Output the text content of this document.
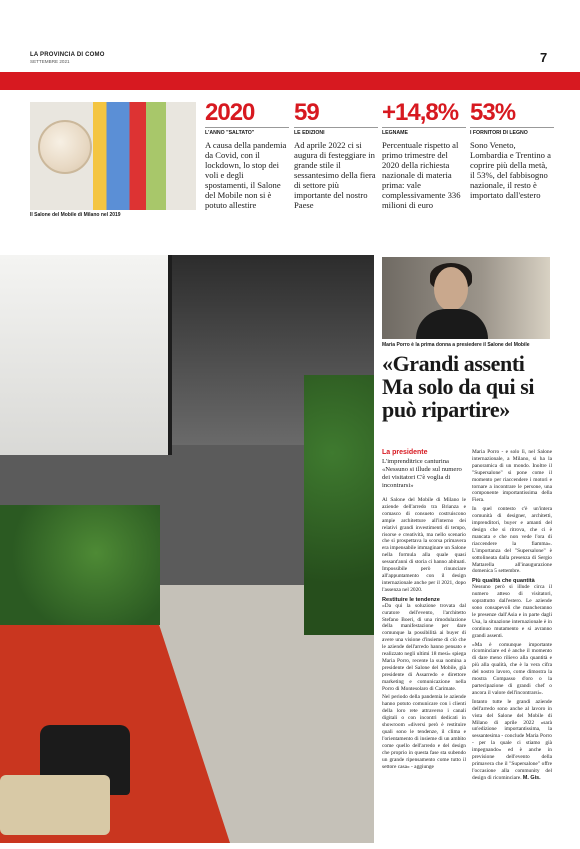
LA PROVINCIA DI COMO
SETTEMBRE 2021	7
Il Salone del Mobile di Milano nel 2019
2020
L'ANNO "SALTATO"
A causa della pandemia da Covid, con il lockdown, lo stop dei voli e degli spostamenti, il Salone del Mobile non si è potuto allestire
59
LE EDIZIONI
Ad aprile 2022 ci si augura di festeggiare in grande stile il sessantesimo della fiera di settore più importante del nostro Paese
+14,8%
LEGNAME
Percentuale rispetto al primo trimestre del 2020 della richiesta nazionale di materia prima: vale complessivamente 336 milioni di euro
53%
I FORNITORI DI LEGNO
Sono Veneto, Lombardia e Trentino a coprire più della metà, il 53%, del fabbisogno nazionale, il resto è importato dall'estero
Maria Porro è la prima donna a presiedere il Salone del Mobile
«Grandi assenti Ma solo da qui si può ripartire»
La presidente
L'imprenditrice canturina «Nessuno si illude sul numero dei visitatori C'è voglia di incontrarsi»

Al Salone del Mobile di Milano le aziende dell'arredo tra Brianza e comasco di consueto costruiscono ampie architetture all'interno dei relativi grandi investimenti di tempo, risorse e creatività, ma nello scenario che si prospettava la scorsa primavera era impensabile immaginare un Salone nella formula alla quale quasi sessant'anni di storia ci hanno abituati. Impossibile però rinunciare all'appuntamento con il design internazionale anche per il 2021, dopo l'assenza nel 2020.

Restituire le tendenze

«Da qui la soluzione trovata dal curatore dell'evento, l'architetto Stefano Boeri, di una rimodulazione della manifestazione per dare comunque la possibilità ai buyer di avere una visione d'insieme di ciò che le aziende dell'arredo hanno pensato e realizzato negli ultimi 18 mesi» spiega Maria Porro, recente la sua nomina a presidente del Salone del Mobile, già presidente di Assarredo e direttore marketing e comunicazione nella Porro di Montesolaro di Carimate.

Nel periodo della pandemia le aziende hanno potuto comunicare con i clienti della loro rete attraverso i canali digitali o con incontri dedicati in showroom «diversi però è restituire quali sono le tendenze, il clima e l'orientamento di insieme di un ambito come quello dell'arredo e del design che proprio in questa fase sta subendo un grande ripensamento come tutto il settore casa» - aggiunge

Maria Porro - e solo lì, nel Salone internazionale, a Milano, si ha la panoramica di un mondo. Inoltre il "Supersalone" si pone come il momento per riaccendere i motori e tornare a incontrare le persone, una componente importantissima della Fiera.

In quel contesto c'è un'intera comunità di designer, architetti, imprenditori, buyer e amanti del design che si ritrova, che ci è mancata e che non vede l'ora di riaccendere la fiamma». L'importanza del "Supersalone" è sottolineata dalla presenza di Sergio Mattarella all'inaugurazione domenica 5 settembre.

Più qualità che quantità

Nessuno però si illude circa il numero atteso di visitatori, soprattutto dall'estero. Le aziende sono consapevoli che mancheranno le presenze dall'Asia e in parte dagli Usa, la situazione internazionale è in continuo mutamento e si avranno grandi assenti.

«Ma è comunque importante ricominciare ed è anche il momento di dare meno rilievo alla quantità e più alla qualità, che è la vera cifra del nostro lavoro, come dimostra la mostra Compasso d'oro o la partecipazione di grandi chef o ancora il valore dell'incontrarsi».

Intanto tutte le grandi aziende dell'arredo sono anche al lavoro in vista del Salone del Mobile di Milano di aprile 2022 «sarà un'edizione importantissima, la sessantesima - conclude Maria Porro - per la quale ci stiamo già impegnando» ed è anche in previsione dell'evento della primavera che il "Supersalone" offre l'occasione alla community del design di ricominciare. M. Gis.
